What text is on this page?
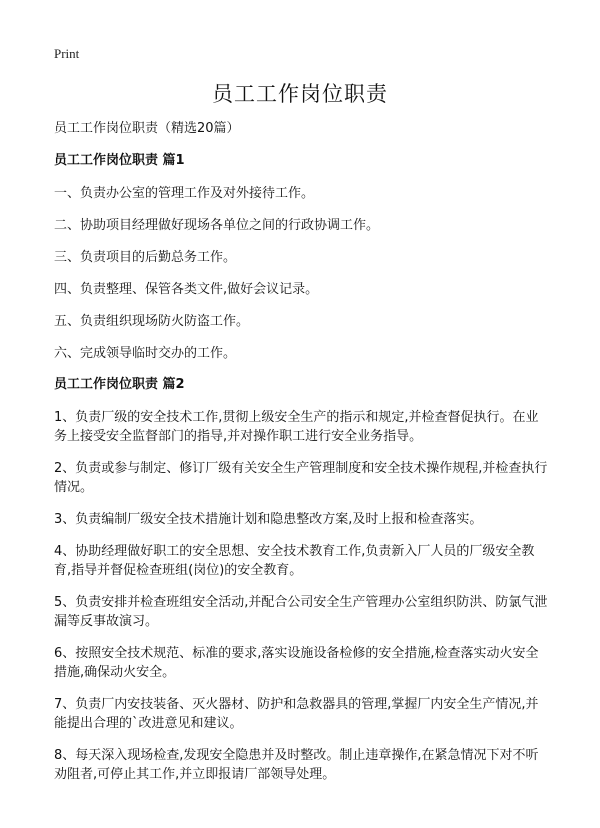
Print
员工工作岗位职责

员工工作岗位职责（精选20篇）

员工工作岗位职责 篇1

一、负责办公室的管理工作及对外接待工作。

二、协助项目经理做好现场各单位之间的行政协调工作。

三、负责项目的后勤总务工作。

四、负责整理、保管各类文件,做好会议记录。

五、负责组织现场防火防盗工作。

六、完成领导临时交办的工作。

员工工作岗位职责 篇2

1、负责厂级的安全技术工作,贯彻上级安全生产的指示和规定,并检查督促执行。在业务上接受安全监督部门的指导,并对操作职工进行安全业务指导。

2、负责或参与制定、修订厂级有关安全生产管理制度和安全技术操作规程,并检查执行情况。

3、负责编制厂级安全技术措施计划和隐患整改方案,及时上报和检查落实。

4、协助经理做好职工的安全思想、安全技术教育工作,负责新入厂人员的厂级安全教育,指导并督促检查班组(岗位)的安全教育。

5、负责安排并检查班组安全活动,并配合公司安全生产管理办公室组织防洪、防氯气泄漏等反事故演习。

6、按照安全技术规范、标准的要求,落实设施设备检修的安全措施,检查落实动火安全措施,确保动火安全。

7、负责厂内安技装备、灭火器材、防护和急救器具的管理,掌握厂内安全生产情况,并能提出合理的`改进意见和建议。

8、每天深入现场检查,发现安全隐患并及时整改。制止违章操作,在紧急情况下对不听劝阻者,可停止其工作,并立即报请厂部领导处理。
